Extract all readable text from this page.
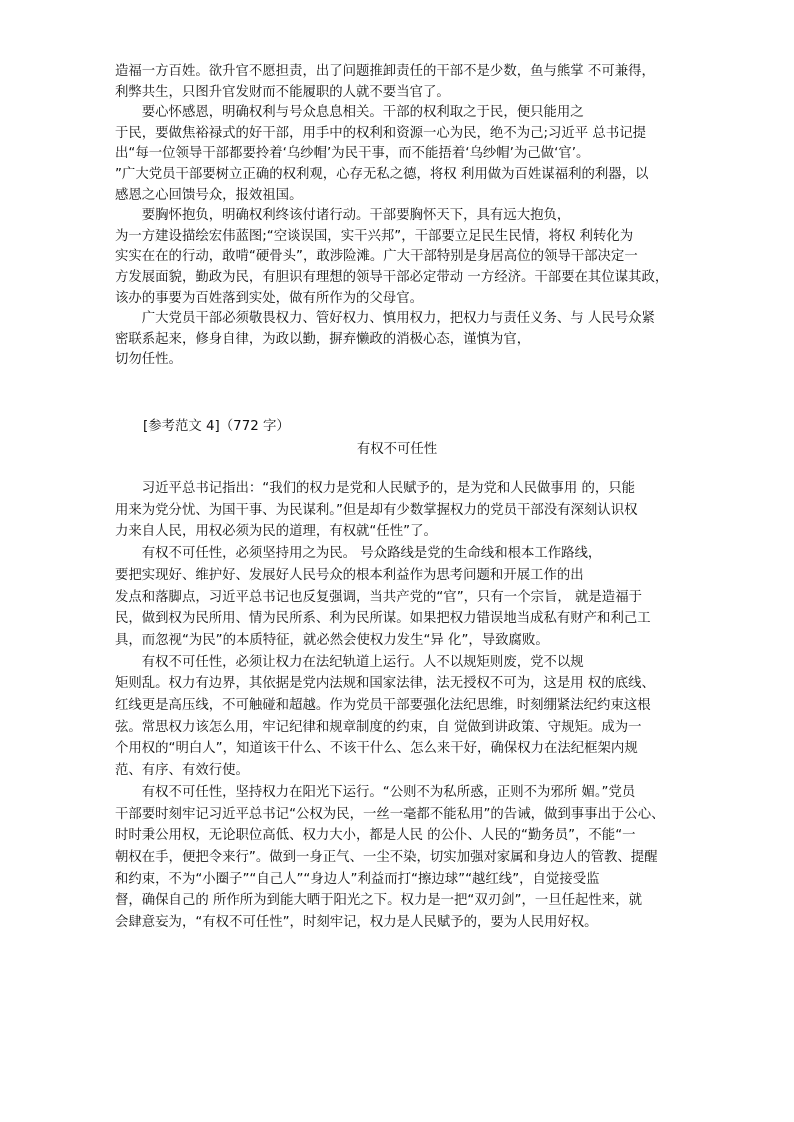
造福一方百姓。欲升官不愿担责，出了问题推卸责任的干部不是少数，鱼与熊掌 不可兼得，
利弊共生，只图升官发财而不能履职的人就不要当官了。
　　要心怀感恩，明确权利与号众息息相关。干部的权利取之于民，便只能用之
于民，要做焦裕禄式的好干部，用手中的权利和资源一心为民，绝不为己;习近平 总书记提
出“每一位领导干部都要拎着‘乌纱帽’为民干事，而不能捂着‘乌纱帽’为己做‘官’。
”广大党员干部要树立正确的权利观，心存无私之德，将权 利用做为百姓谋福利的利器，以
感恩之心回馈号众，报效祖国。
　　要胸怀抱负，明确权利终该付诸行动。干部要胸怀天下，具有远大抱负，
为一方建设描绘宏伟蓝图;“空谈误国，实干兴邦”，干部要立足民生民情，将权 利转化为
实实在在的行动，敢啃“硬骨头”，敢涉险滩。广大干部特别是身居高位的领导干部决定一
方发展面貌，勤政为民，有胆识有理想的领导干部必定带动 一方经济。干部要在其位谋其政，
该办的事要为百姓落到实处，做有所作为的父母官。
　　广大党员干部必须敬畏权力、管好权力、慎用权力，把权力与责任义务、与 人民号众紧
密联系起来，修身自律，为政以勤，摒弃懒政的消极心态，谨慎为官，
切勿任性。
[参考范文 4]（772 字）
有权不可任性
　　习近平总书记指出：“我们的权力是党和人民赋予的，是为党和人民做事用 的，只能
用来为党分忧、为国干事、为民谋利。”但是却有少数掌握权力的党员干部没有深刻认识权
力来自人民，用权必须为民的道理，有权就“任性”了。
　　有权不可任性，必须坚持用之为民。 号众路线是党的生命线和根本工作路线，
要把实现好、维护好、发展好人民号众的根本利益作为思考问题和开展工作的出
发点和落脚点，习近平总书记也反复强调，当共产党的“官”，只有一个宗旨， 就是造福于
民，做到权为民所用、情为民所系、利为民所谋。如果把权力错误地当成私有财产和利己工
具，而忽视“为民”的本质特征，就必然会使权力发生“异 化”，导致腐败。
　　有权不可任性，必须让权力在法纪轨道上运行。人不以规矩则废，党不以规
矩则乱。权力有边界，其依据是党内法规和国家法律，法无授权不可为，这是用 权的底线、
红线更是高压线，不可触碰和超越。作为党员干部要强化法纪思维，时刻绷紧法纪约束这根
弦。常思权力该怎么用，牢记纪律和规章制度的约束，自 觉做到讲政策、守规矩。成为一
个用权的“明白人”，知道该干什么、不该干什么、怎么来干好，确保权力在法纪框架内规
范、有序、有效行使。
　　有权不可任性，坚持权力在阳光下运行。“公则不为私所惑，正则不为邪所 媚。”党员
干部要时刻牢记习近平总书记“公权为民，一丝一毫都不能私用”的告诫，做到事事出于公心、
时时秉公用权，无论职位高低、权力大小，都是人民 的公仆、人民的“勤务员”，不能“一
朝权在手，便把令来行”。做到一身正气、一尘不染，切实加强对家属和身边人的管教、提醒
和约束，不为“小圈子”“自己人”“身边人”利益而打“擦边球”“越红线”，自觉接受监
督，确保自己的 所作所为到能大晒于阳光之下。权力是一把“双刃剑”，一旦任起性来，就
会肆意妄为，“有权不可任性”，时刻牢记，权力是人民赋予的，要为人民用好权。
